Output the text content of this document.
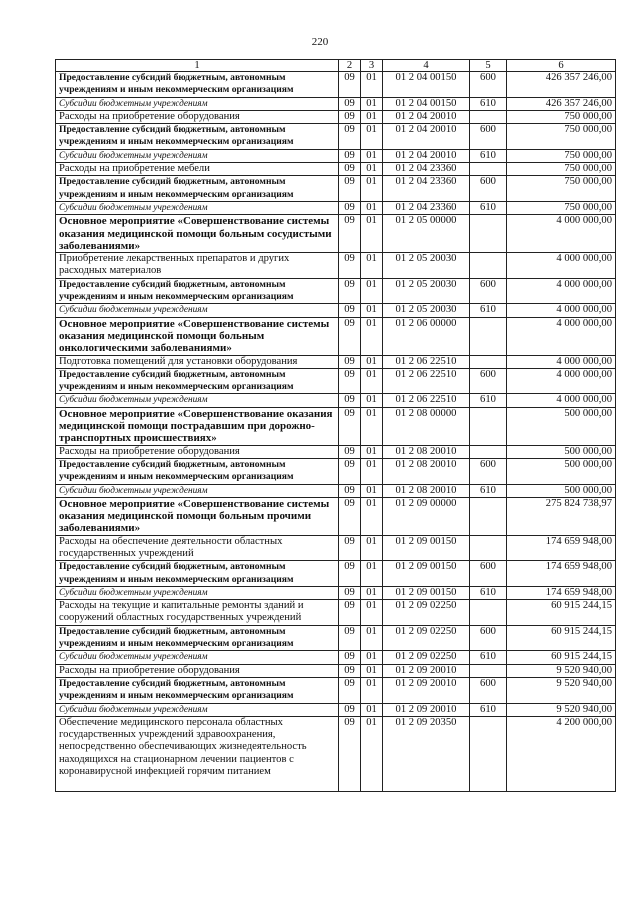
220
1	2	3	4	5	6
Предоставление субсидий бюджетным, автономным учреждениям и иным некоммерческим организациям	09	01	01 2 04 00150	600	426 357 246,00
Субсидии бюджетным учреждениям	09	01	01 2 04 00150	610	426 357 246,00
Расходы на приобретение оборудования	09	01	01 2 04 20010		750 000,00
Предоставление субсидий бюджетным, автономным учреждениям и иным некоммерческим организациям	09	01	01 2 04 20010	600	750 000,00
Субсидии бюджетным учреждениям	09	01	01 2 04 20010	610	750 000,00
Расходы на приобретение мебели	09	01	01 2 04 23360		750 000,00
Предоставление субсидий бюджетным, автономным учреждениям и иным некоммерческим организациям	09	01	01 2 04 23360	600	750 000,00
Субсидии бюджетным учреждениям	09	01	01 2 04 23360	610	750 000,00
Основное мероприятие «Совершенствование системы оказания медицинской помощи больным сосудистыми заболеваниями»	09	01	01 2 05 00000		4 000 000,00
Приобретение лекарственных препаратов и других расходных материалов	09	01	01 2 05 20030		4 000 000,00
Предоставление субсидий бюджетным, автономным учреждениям и иным некоммерческим организациям	09	01	01 2 05 20030	600	4 000 000,00
Субсидии бюджетным учреждениям	09	01	01 2 05 20030	610	4 000 000,00
Основное мероприятие «Совершенствование системы оказания медицинской помощи больным онкологическими заболеваниями»	09	01	01 2 06 00000		4 000 000,00
Подготовка помещений для установки оборудования	09	01	01 2 06 22510		4 000 000,00
Предоставление субсидий бюджетным, автономным учреждениям и иным некоммерческим организациям	09	01	01 2 06 22510	600	4 000 000,00
Субсидии бюджетным учреждениям	09	01	01 2 06 22510	610	4 000 000,00
Основное мероприятие «Совершенствование оказания медицинской помощи пострадавшим при дорожно-транспортных происшествиях»	09	01	01 2 08 00000		500 000,00
Расходы на приобретение оборудования	09	01	01 2 08 20010		500 000,00
Предоставление субсидий бюджетным, автономным учреждениям и иным некоммерческим организациям	09	01	01 2 08 20010	600	500 000,00
Субсидии бюджетным учреждениям	09	01	01 2 08 20010	610	500 000,00
Основное мероприятие «Совершенствование системы оказания медицинской помощи больным прочими заболеваниями»	09	01	01 2 09 00000		275 824 738,97
Расходы на обеспечение деятельности областных государственных учреждений	09	01	01 2 09 00150		174 659 948,00
Предоставление субсидий бюджетным, автономным учреждениям и иным некоммерческим организациям	09	01	01 2 09 00150	600	174 659 948,00
Субсидии бюджетным учреждениям	09	01	01 2 09 00150	610	174 659 948,00
Расходы на текущие и капитальные ремонты зданий и сооружений областных государственных учреждений	09	01	01 2 09 02250		60 915 244,15
Предоставление субсидий бюджетным, автономным учреждениям и иным некоммерческим организациям	09	01	01 2 09 02250	600	60 915 244,15
Субсидии бюджетным учреждениям	09	01	01 2 09 02250	610	60 915 244,15
Расходы на приобретение оборудования	09	01	01 2 09 20010		9 520 940,00
Предоставление субсидий бюджетным, автономным учреждениям и иным некоммерческим организациям	09	01	01 2 09 20010	600	9 520 940,00
Субсидии бюджетным учреждениям	09	01	01 2 09 20010	610	9 520 940,00
Обеспечение медицинского персонала областных государственных учреждений здравоохранения, непосредственно обеспечивающих жизнедеятельность находящихся на стационарном лечении пациентов с коронавирусной инфекцией горячим питанием	09	01	01 2 09 20350		4 200 000,00
